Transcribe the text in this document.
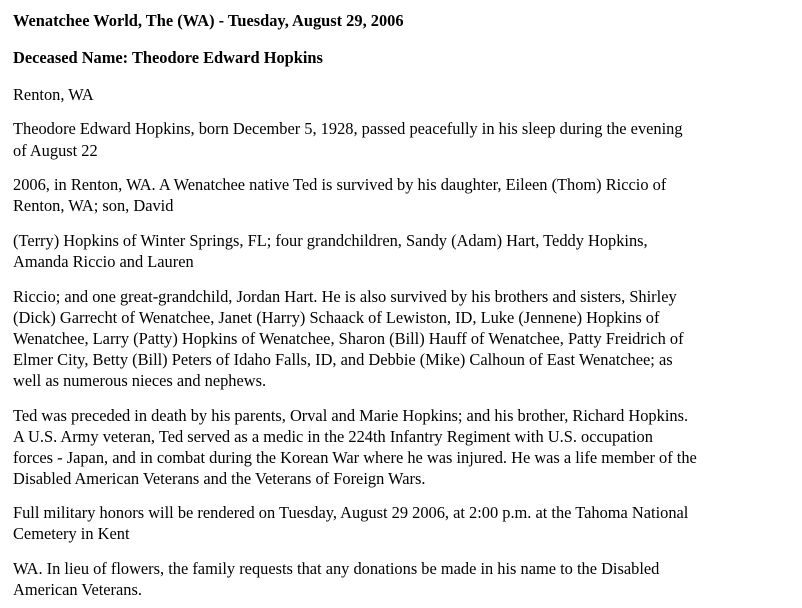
Wenatchee World, The (WA) - Tuesday, August 29, 2006
Deceased Name: Theodore Edward Hopkins
Renton, WA
Theodore Edward Hopkins, born December 5, 1928, passed peacefully in his sleep during the evening
of August 22
2006, in Renton, WA. A Wenatchee native Ted is survived by his daughter, Eileen (Thom) Riccio of
Renton, WA; son, David
(Terry) Hopkins of Winter Springs, FL; four grandchildren, Sandy (Adam) Hart, Teddy Hopkins,
Amanda Riccio and Lauren
Riccio; and one great-grandchild, Jordan Hart. He is also survived by his brothers and sisters, Shirley
(Dick) Garrecht of Wenatchee, Janet (Harry) Schaack of Lewiston, ID, Luke (Jennene) Hopkins of
Wenatchee, Larry (Patty) Hopkins of Wenatchee, Sharon (Bill) Hauff of Wenatchee, Patty Freidrich of
Elmer City, Betty (Bill) Peters of Idaho Falls, ID, and Debbie (Mike) Calhoun of East Wenatchee; as
well as numerous nieces and nephews.
Ted was preceded in death by his parents, Orval and Marie Hopkins; and his brother, Richard Hopkins.
A U.S. Army veteran, Ted served as a medic in the 224th Infantry Regiment with U.S. occupation
forces - Japan, and in combat during the Korean War where he was injured. He was a life member of the
Disabled American Veterans and the Veterans of Foreign Wars.
Full military honors will be rendered on Tuesday, August 29 2006, at 2:00 p.m. at the Tahoma National
Cemetery in Kent
WA. In lieu of flowers, the family requests that any donations be made in his name to the Disabled
American Veterans.
